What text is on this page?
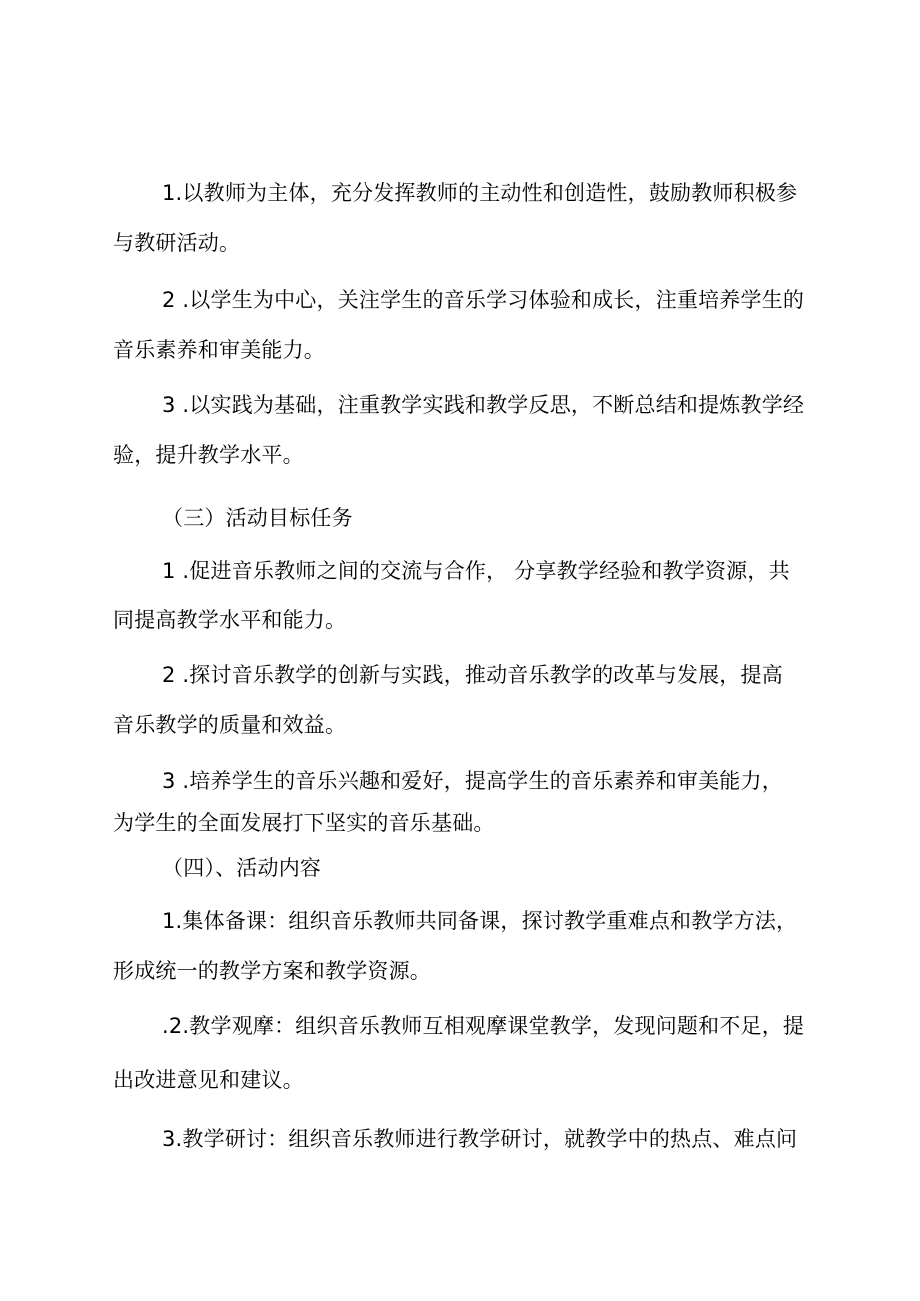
1.以教师为主体，充分发挥教师的主动性和创造性，鼓励教师积极参
与教研活动。
2 .以学生为中心，关注学生的音乐学习体验和成长，注重培养学生的
音乐素养和审美能力。
3 .以实践为基础，注重教学实践和教学反思，不断总结和提炼教学经
验，提升教学水平。
（三）活动目标任务
1 .促进音乐教师之间的交流与合作， 分享教学经验和教学资源，共
同提高教学水平和能力。
2 .探讨音乐教学的创新与实践，推动音乐教学的改革与发展，提高
音乐教学的质量和效益。
3 .培养学生的音乐兴趣和爱好，提高学生的音乐素养和审美能力，
为学生的全面发展打下坚实的音乐基础。
（四）、活动内容
1.集体备课：组织音乐教师共同备课，探讨教学重难点和教学方法，
形成统一的教学方案和教学资源。
.2.教学观摩：组织音乐教师互相观摩课堂教学，发现问题和不足，提
出改进意见和建议。
3.教学研讨：组织音乐教师进行教学研讨，就教学中的热点、难点问
